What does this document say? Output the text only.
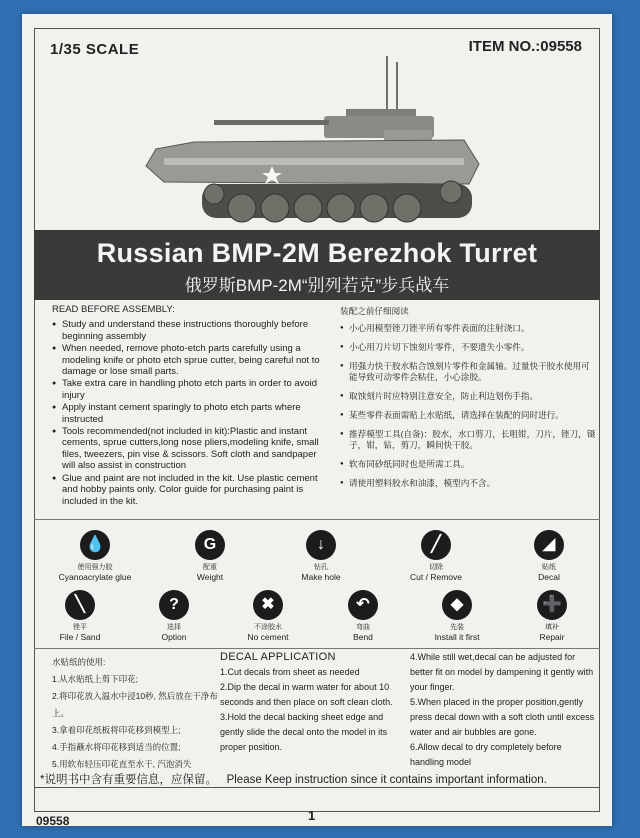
1/35 SCALE	ITEM NO.:09558
Russian BMP-2M Berezhok Turret
俄罗斯BMP-2M“别列若克”步兵战车
READ BEFORE ASSEMBLY:
● Study and understand these instructions thoroughly before beginning assembly
● When needed, remove photo-etch parts carefully using a modeling knife or photo etch sprue cutter, being careful not to damage or lose small parts.
● Take extra care in handling photo etch parts in order to avoid injury
● Apply instant cement sparingly to photo etch parts where instructed
● Tools recommended(not included in kit):Plastic and instant cements, sprue cutters,long nose pliers,modeling knife, small files, tweezers, pin vise & scissors. Soft cloth and sandpaper will also assist in construction
● Glue and paint are not included in the kit. Use plastic cement and hobby paints only. Color guide for purchasing paint is included in the kit.
装配之前仔细阅读
● 小心用模型锉刀锉平所有零件表面的注射浇口。
● 小心用刀片切下蚀刻片零件，不要遗失小零件。
● 用强力快干胶水粘合蚀刻片零件和金属轴。过量快干胶水使用可能导致可动零件会粘住，小心涂胶。
● 取蚀刻片时应特别注意安全，防止利边划伤手指。
● 某些零件表面需贴上水贴纸，请选择在装配的同时进行。
● 推荐模型工具(自备)：胶水，水口剪刀，长咀钳，刀片，锉刀，镊子，钳，钻，剪刀，瞬间快干胶。
● 软布同砂纸同时也是所需工具。
● 请使用塑料胶水和油漆，模型内不含。
💧
使用强力胶
Cyanoacrylate glue
G
配重
Weight
↓
钻孔
Make hole
╱
切除
Cut / Remove
◢
贴纸
Decal
╲
锉平
File / Sand
?
选择
Option
✖
不涂胶水
No cement
↶
弯曲
Bend
◆
先装
Install it first
➕
填补
Repair
水贴纸的使用:
1.从水贴纸上剪下印花;
2.将印花放入温水中浸10秒, 然后放在干净布上。
3.拿着印花纸板将印花移到模型上;
4.手指蘸水将印花移到适当的位置;
5.用软布轻压印花直至水干, 汽泡消失
DECAL APPLICATION
1.Cut decals from sheet as needed
2.Dip the decal in warm water for about 10 seconds and then place on soft clean cloth.
3.Hold the decal backing sheet edge and gently slide the decal onto the model in its proper position.
4.While still wet,decal can be adjusted for better fit on model by dampening it gently with your finger.
5.When placed in the proper position,gently press decal down with a soft cloth until excess water and air bubbles are gone.
6.Allow decal to dry completely before handling model
*说明书中含有重要信息，应保留。 Please Keep instruction since it contains important information.
09558	1
